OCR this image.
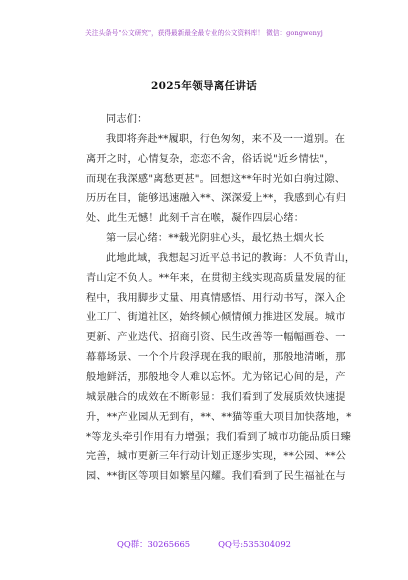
关注头条号"公文研究"，获得最新最全最专业的公文资料库！ 微信：gongwenyj
2025年领导离任讲话
同志们：
我即将奔赴**履职，行色匆匆，来不及一一道别。在
离开之时，心情复杂，恋恋不舍，俗话说"近乡情怯"，
而现在我深感"离愁更甚"。回想这**年时光如白驹过隙、
历历在目，能够迅速融入**、深深爱上**，我感到心有归
处、此生无憾！此刻千言在喉，凝作四层心绪：
第一层心绪：**载光阴驻心头，最忆热土烟火长
此地此域，我想起习近平总书记的教诲：人不负青山，
青山定不负人。**年来，在贯彻主线实现高质量发展的征
程中，我用脚步丈量、用真情感悟、用行动书写，深入企
业工厂、街道社区，始终倾心倾情倾力推进区发展。城市
更新、产业迭代、招商引资、民生改善等一幅幅画卷、一
幕幕场景、一个个片段浮现在我的眼前，那般地清晰，那
般地鲜活，那般地令人难以忘怀。尤为铭记心间的是，产
城景融合的成效在不断彰显：我们看到了发展质效快速提
升，**产业园从无到有，**、**猫等重大项目加快落地，*
*等龙头牵引作用有力增强；我们看到了城市功能品质日臻
完善，城市更新三年行动计划正逐步实现，**公园、**公
园、**街区等项目如繁星闪耀。我们看到了民生福祉在与
QQ群：30265665	QQ号:535304092
